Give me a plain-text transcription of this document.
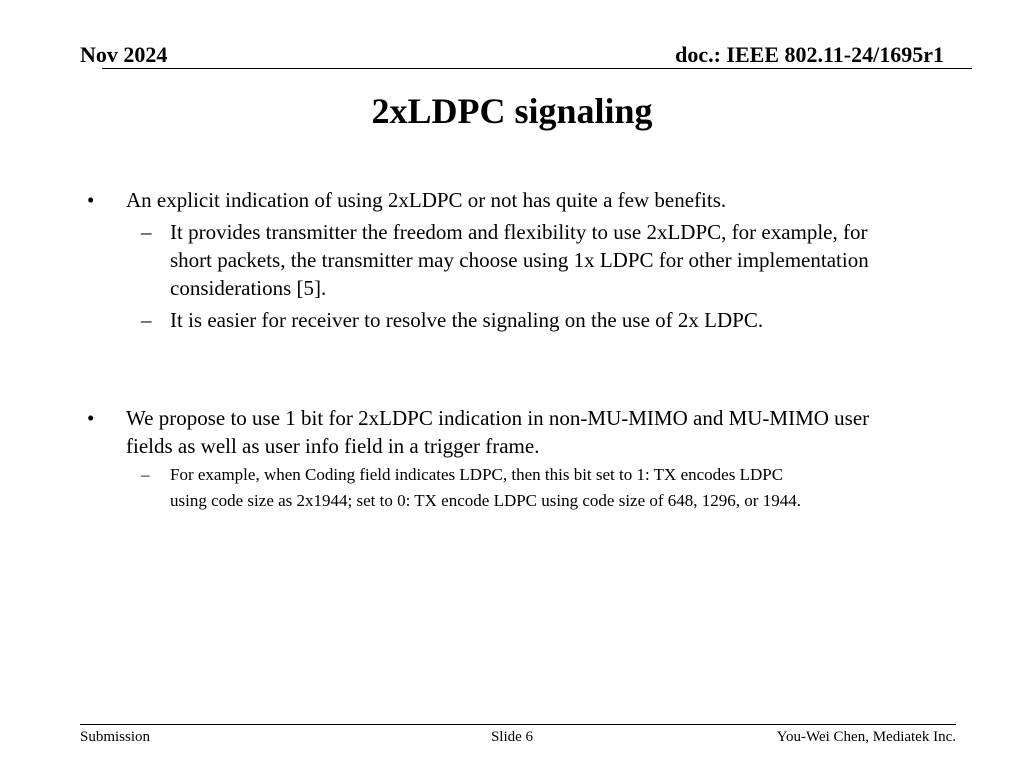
Nov 2024	doc.: IEEE 802.11-24/1695r1
2xLDPC signaling
• An explicit indication of using 2xLDPC or not has quite a few benefits.
– It provides transmitter the freedom and flexibility to use 2xLDPC, for example, for
short packets, the transmitter may choose using 1x LDPC for other implementation
considerations [5].
– It is easier for receiver to resolve the signaling on the use of 2x LDPC.
• We propose to use 1 bit for 2xLDPC indication in non-MU-MIMO and MU-MIMO user
fields as well as user info field in a trigger frame.
– For example, when Coding field indicates LDPC, then this bit set to 1: TX encodes LDPC
using code size as 2x1944; set to 0: TX encode LDPC using code size of 648, 1296, or 1944.
Submission	Slide 6	You-Wei Chen, Mediatek Inc.
